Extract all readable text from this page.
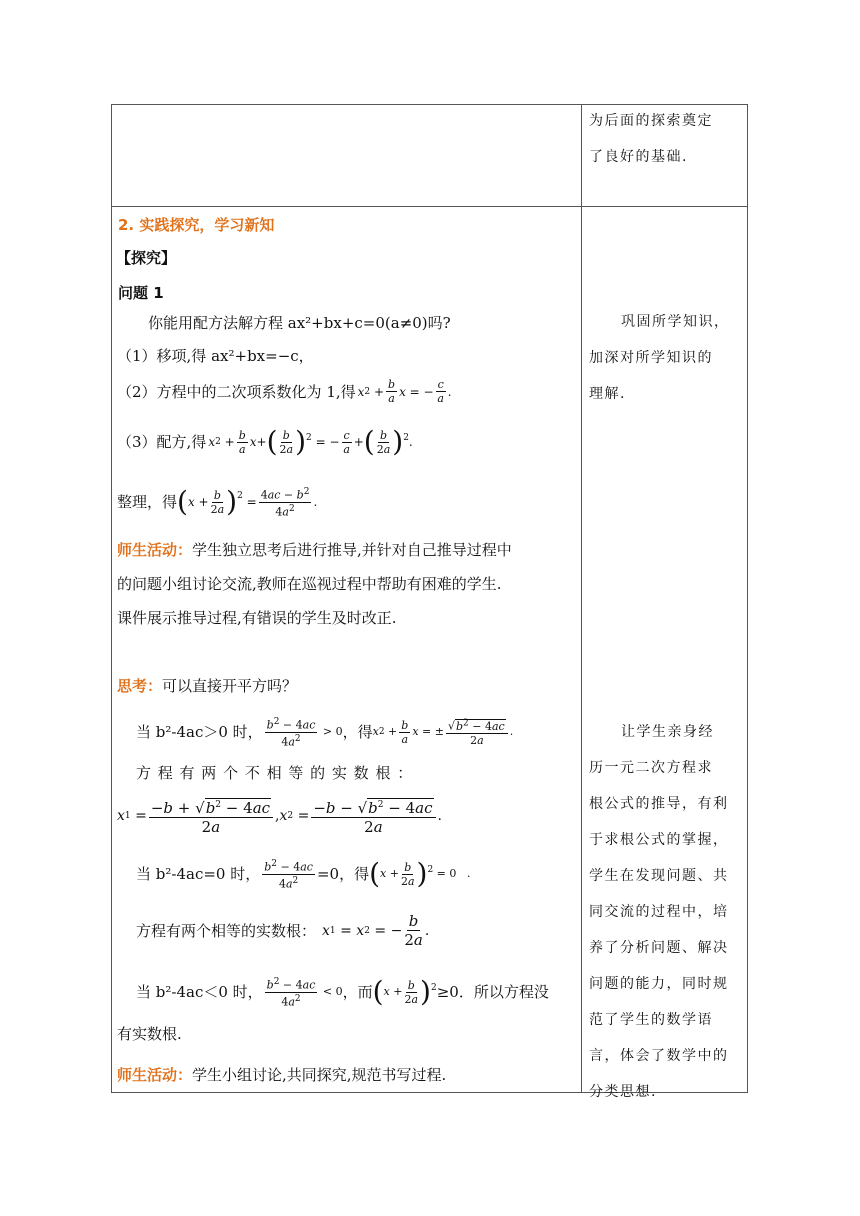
为后面的探索奠定
了良好的基础.
2. 实践探究，学习新知
【探究】
问题 1
你能用配方法解方程 ax²+bx+c=0(a≠0)吗?
（1）移项,得 ax²+bx=−c，
（2）方程中的二次项系数化为 1,得 x $2 + \frac{b}{a}$ x = − $\frac{c}{a}$ .
（3）配方,得 x $2 + \frac{b}{a}$ x + ( $\frac{b}{2a} )^2$ = − $\frac{c}{a}$ + ( $\frac{b}{2a} )^2$ .
整理，得 ( $x + \frac{b}{2a} )^2 = \frac{4ac - b^2}{4a^2}$ .
师生活动：学生独立思考后进行推导,并针对自己推导过程中
的问题小组讨论交流,教师在巡视过程中帮助有困难的学生.
课件展示推导过程,有错误的学生及时改正.
思考：可以直接开平方吗？
当 b²-4ac＞0 时， $\frac{b^2 - 4ac}{4a^2} > 0$ ，得 x $2 + \frac{b}{a}$ x = ± $\frac{√b^2 - 4ac}{2a}$ .
方 程 有 两 个 不 相 等 的 实 数 根 ：
x $1 = \frac{-b + √b^2 - 4ac}{2a}$ , x $2 = \frac{-b - √b^2 - 4ac}{2a}$ .
当 b²-4ac=0 时， $\frac{b^2 - 4ac}{4a^2} =0$，得 ( $x + \frac{b}{2a} )^2 = 0$   .
方程有两个相等的实数根： x 1 = x 2 = − $\frac{b}{2a}$ .
当 b²-4ac＜0 时， $\frac{b^2 - 4ac}{4a^2} < 0$ ，而 ( $x + \frac{b}{2a} )^2 \ge 0$．所以方程没
有实数根.
师生活动：学生小组讨论,共同探究,规范书写过程.
巩固所学知识，
加深对所学知识的
理解.
让学生亲身经
历一元二次方程求
根公式的推导，有利
于求根公式的掌握，
学生在发现问题、共
同交流的过程中，培
养了分析问题、解决
问题的能力，同时规
范了学生的数学语
言，体会了数学中的
分类思想.
